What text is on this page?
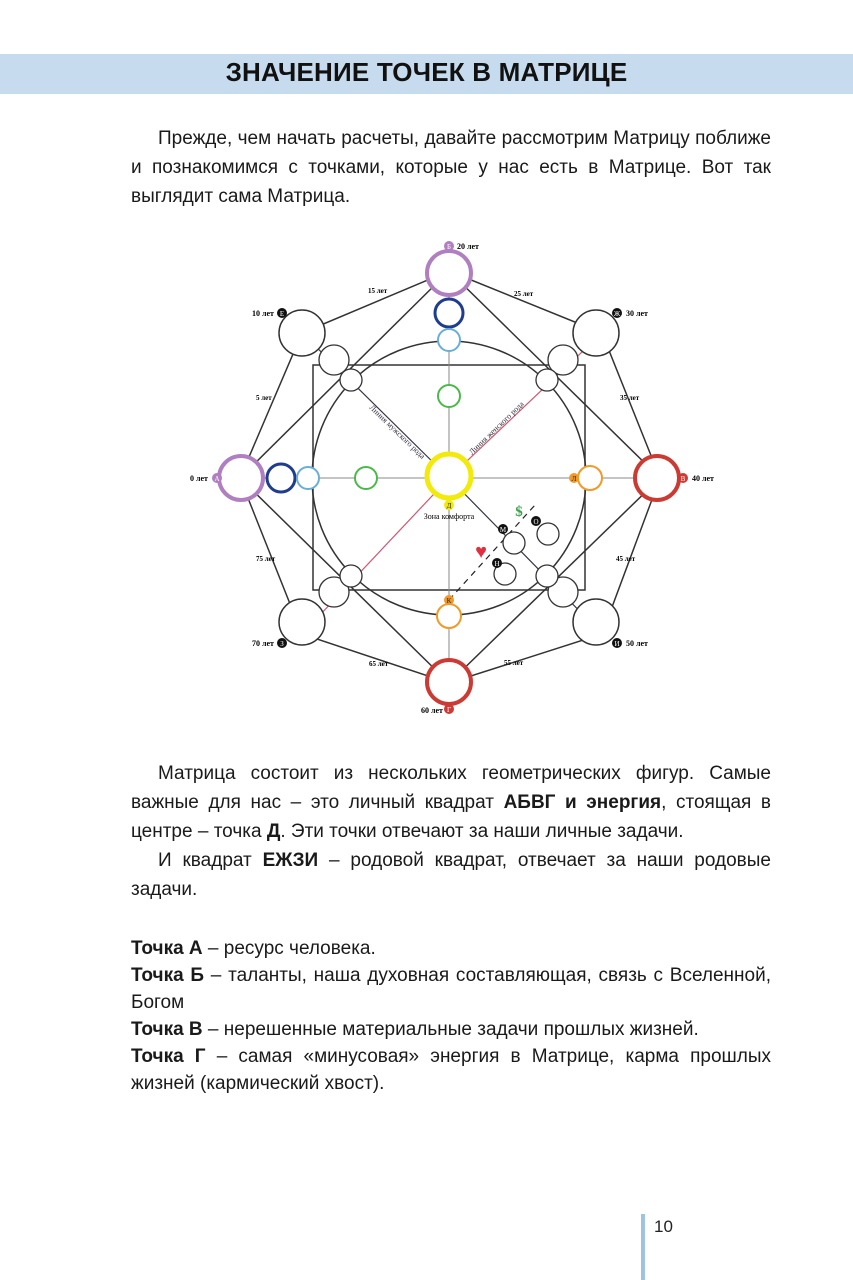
ЗНАЧЕНИЕ ТОЧЕК В МАТРИЦЕ

Прежде, чем начать расчеты, давайте рассмотрим Матрицу поближе и познакомимся с точками, которые у нас есть в Матрице. Вот так выглядит сама Матрица.

Б
А	В
Г
Д
Е	Ж
И
З
К
Л
М
Н
О
20 лет
30 лет
40 лет
50 лет
60 лет
70 лет
0 лет
10 лет
15 лет	25 лет
35 лет
45 лет
55 лет
65 лет
75 лет
5 лет
Линия мужского рода	Линия женского рода
Зона комфорта	$
♥

Матрица состоит из нескольких геометрических фигур. Самые важные для нас – это личный квадрат АБВГ и энергия, стоящая в центре – точка Д. Эти точки отвечают за наши личные задачи.

И квадрат ЕЖЗИ – родовой квадрат, отвечает за наши родовые задачи.

Точка А – ресурс человека.

Точка Б – таланты, наша духовная составляющая, связь с Вселенной, Богом

Точка В – нерешенные материальные задачи прошлых жизней.

Точка Г – самая «минусовая» энергия в Матрице, карма прошлых жизней (кармический хвост).

10
